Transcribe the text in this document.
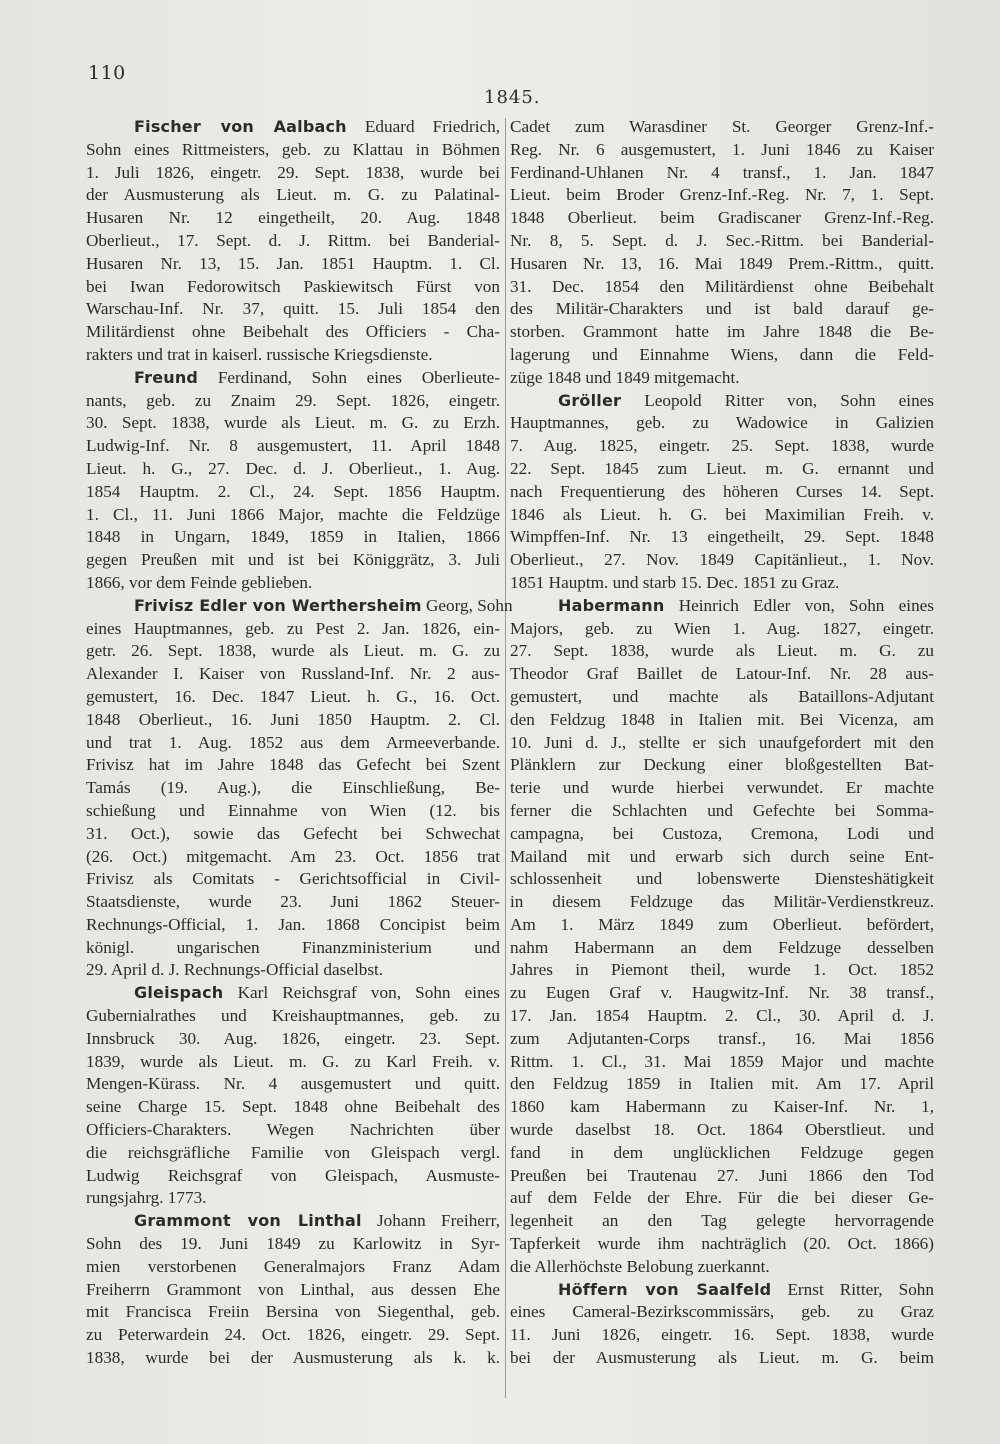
110
1845.
Fischer von Aalbach Eduard Friedrich,
Sohn eines Rittmeisters, geb. zu Klattau in Böhmen
1. Juli 1826, eingetr. 29. Sept. 1838, wurde bei
der Ausmusterung als Lieut. m. G. zu Palatinal-
Husaren Nr. 12 eingetheilt, 20. Aug. 1848
Oberlieut., 17. Sept. d. J. Rittm. bei Banderial-
Husaren Nr. 13, 15. Jan. 1851 Hauptm. 1. Cl.
bei Iwan Fedorowitsch Paskiewitsch Fürst von
Warschau-Inf. Nr. 37, quitt. 15. Juli 1854 den
Militärdienst ohne Beibehalt des Officiers - Cha-
rakters und trat in kaiserl. russische Kriegsdienste.
Freund Ferdinand, Sohn eines Oberlieute-
nants, geb. zu Znaim 29. Sept. 1826, eingetr.
30. Sept. 1838, wurde als Lieut. m. G. zu Erzh.
Ludwig-Inf. Nr. 8 ausgemustert, 11. April 1848
Lieut. h. G., 27. Dec. d. J. Oberlieut., 1. Aug.
1854 Hauptm. 2. Cl., 24. Sept. 1856 Hauptm.
1. Cl., 11. Juni 1866 Major, machte die Feldzüge
1848 in Ungarn, 1849, 1859 in Italien, 1866
gegen Preußen mit und ist bei Königgrätz, 3. Juli
1866, vor dem Feinde geblieben.
Frivisz Edler von Werthersheim Georg, Sohn
eines Hauptmannes, geb. zu Pest 2. Jan. 1826, ein-
getr. 26. Sept. 1838, wurde als Lieut. m. G. zu
Alexander I. Kaiser von Russland-Inf. Nr. 2 aus-
gemustert, 16. Dec. 1847 Lieut. h. G., 16. Oct.
1848 Oberlieut., 16. Juni 1850 Hauptm. 2. Cl.
und trat 1. Aug. 1852 aus dem Armeeverbande.
Frivisz hat im Jahre 1848 das Gefecht bei Szent
Tamás (19. Aug.), die Einschließung, Be-
schießung und Einnahme von Wien (12. bis
31. Oct.), sowie das Gefecht bei Schwechat
(26. Oct.) mitgemacht. Am 23. Oct. 1856 trat
Frivisz als Comitats - Gerichtsofficial in Civil-
Staatsdienste, wurde 23. Juni 1862 Steuer-
Rechnungs-Official, 1. Jan. 1868 Concipist beim
königl. ungarischen Finanzministerium und
29. April d. J. Rechnungs-Official daselbst.
Gleispach Karl Reichsgraf von, Sohn eines
Gubernialrathes und Kreishauptmannes, geb. zu
Innsbruck 30. Aug. 1826, eingetr. 23. Sept.
1839, wurde als Lieut. m. G. zu Karl Freih. v.
Mengen-Kürass. Nr. 4 ausgemustert und quitt.
seine Charge 15. Sept. 1848 ohne Beibehalt des
Officiers-Charakters. Wegen Nachrichten über
die reichsgräfliche Familie von Gleispach vergl.
Ludwig Reichsgraf von Gleispach, Ausmuste-
rungsjahrg. 1773.
Grammont von Linthal Johann Freiherr,
Sohn des 19. Juni 1849 zu Karlowitz in Syr-
mien verstorbenen Generalmajors Franz Adam
Freiherrn Grammont von Linthal, aus dessen Ehe
mit Francisca Freiin Bersina von Siegenthal, geb.
zu Peterwardein 24. Oct. 1826, eingetr. 29. Sept.
1838, wurde bei der Ausmusterung als k. k.
Cadet zum Warasdiner St. Georger Grenz-Inf.-
Reg. Nr. 6 ausgemustert, 1. Juni 1846 zu Kaiser
Ferdinand-Uhlanen Nr. 4 transf., 1. Jan. 1847
Lieut. beim Broder Grenz-Inf.-Reg. Nr. 7, 1. Sept.
1848 Oberlieut. beim Gradiscaner Grenz-Inf.-Reg.
Nr. 8, 5. Sept. d. J. Sec.-Rittm. bei Banderial-
Husaren Nr. 13, 16. Mai 1849 Prem.-Rittm., quitt.
31. Dec. 1854 den Militärdienst ohne Beibehalt
des Militär-Charakters und ist bald darauf ge-
storben. Grammont hatte im Jahre 1848 die Be-
lagerung und Einnahme Wiens, dann die Feld-
züge 1848 und 1849 mitgemacht.
Gröller Leopold Ritter von, Sohn eines
Hauptmannes, geb. zu Wadowice in Galizien
7. Aug. 1825, eingetr. 25. Sept. 1838, wurde
22. Sept. 1845 zum Lieut. m. G. ernannt und
nach Frequentierung des höheren Curses 14. Sept.
1846 als Lieut. h. G. bei Maximilian Freih. v.
Wimpffen-Inf. Nr. 13 eingetheilt, 29. Sept. 1848
Oberlieut., 27. Nov. 1849 Capitänlieut., 1. Nov.
1851 Hauptm. und starb 15. Dec. 1851 zu Graz.
Habermann Heinrich Edler von, Sohn eines
Majors, geb. zu Wien 1. Aug. 1827, eingetr.
27. Sept. 1838, wurde als Lieut. m. G. zu
Theodor Graf Baillet de Latour-Inf. Nr. 28 aus-
gemustert, und machte als Bataillons-Adjutant
den Feldzug 1848 in Italien mit. Bei Vicenza, am
10. Juni d. J., stellte er sich unaufgefordert mit den
Plänklern zur Deckung einer bloßgestellten Bat-
terie und wurde hierbei verwundet. Er machte
ferner die Schlachten und Gefechte bei Somma-
campagna, bei Custoza, Cremona, Lodi und
Mailand mit und erwarb sich durch seine Ent-
schlossenheit und lobenswerte Diensteshätigkeit
in diesem Feldzuge das Militär-Verdienstkreuz.
Am 1. März 1849 zum Oberlieut. befördert,
nahm Habermann an dem Feldzuge desselben
Jahres in Piemont theil, wurde 1. Oct. 1852
zu Eugen Graf v. Haugwitz-Inf. Nr. 38 transf.,
17. Jan. 1854 Hauptm. 2. Cl., 30. April d. J.
zum Adjutanten-Corps transf., 16. Mai 1856
Rittm. 1. Cl., 31. Mai 1859 Major und machte
den Feldzug 1859 in Italien mit. Am 17. April
1860 kam Habermann zu Kaiser-Inf. Nr. 1,
wurde daselbst 18. Oct. 1864 Oberstlieut. und
fand in dem unglücklichen Feldzuge gegen
Preußen bei Trautenau 27. Juni 1866 den Tod
auf dem Felde der Ehre. Für die bei dieser Ge-
legenheit an den Tag gelegte hervorragende
Tapferkeit wurde ihm nachträglich (20. Oct. 1866)
die Allerhöchste Belobung zuerkannt.
Höffern von Saalfeld Ernst Ritter, Sohn
eines Cameral-Bezirkscommissärs, geb. zu Graz
11. Juni 1826, eingetr. 16. Sept. 1838, wurde
bei der Ausmusterung als Lieut. m. G. beim
